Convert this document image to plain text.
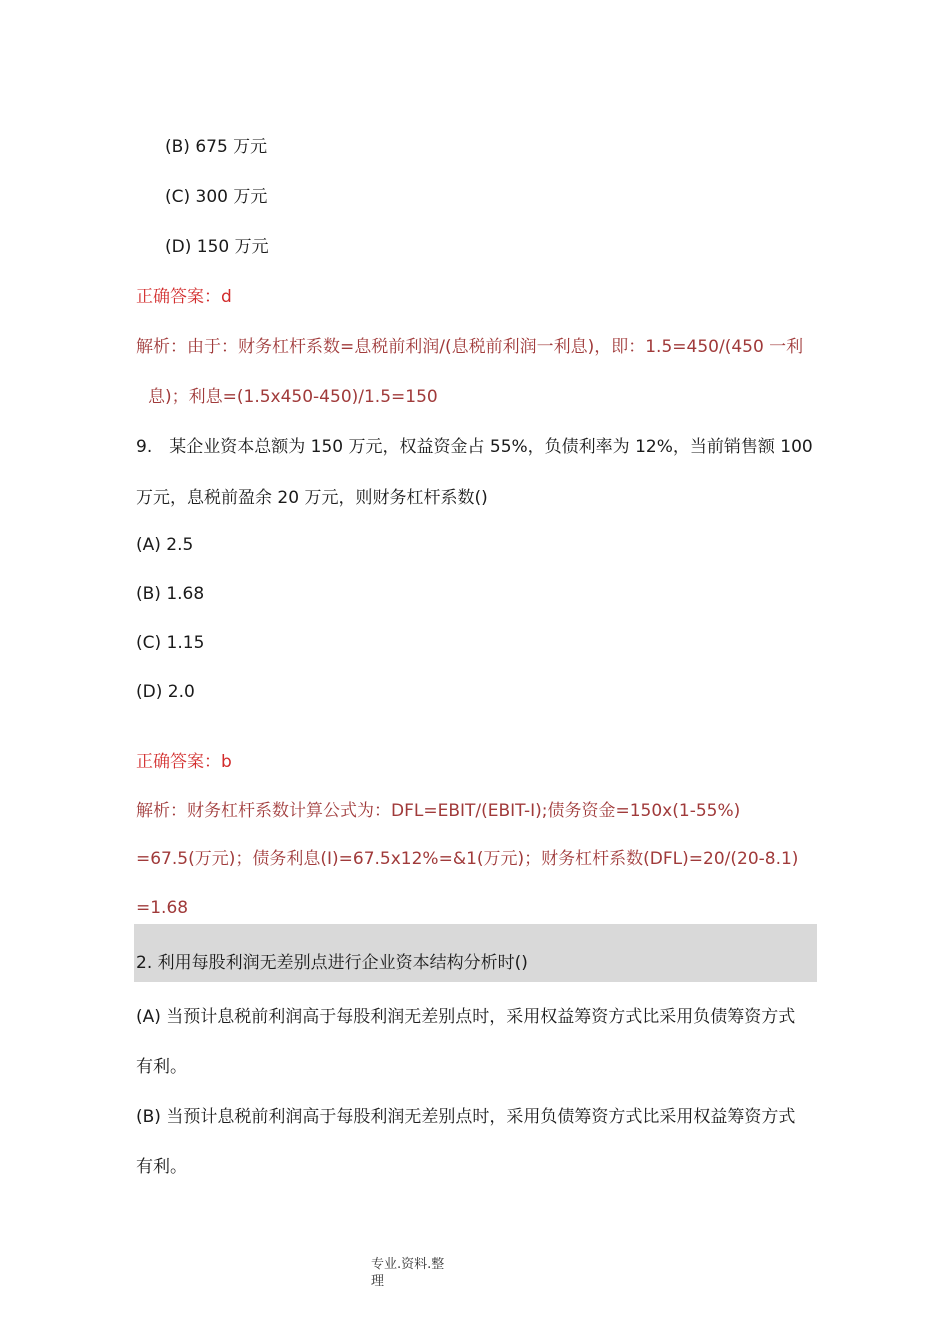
(B) 675 万元
(C) 300 万元
(D) 150 万元
正确答案：d
解析：由于：财务杠杆系数=息税前利润/(息税前利润一利息)，即：1.5=450/(450 一利
息)；利息=(1.5x450-450)/1.5=150
9.　某企业资本总额为 150 万元，权益资金占 55%，负债利率为 12%，当前销售额 100
万元，息税前盈余 20 万元，则财务杠杆系数()
(A) 2.5
(B) 1.68
(C) 1.15
(D) 2.0
正确答案：b
解析：财务杠杆系数计算公式为：DFL=EBIT/(EBIT-I);债务资金=150x(1-55%)
=67.5(万元)；债务利息(I)=67.5x12%=&1(万元)；财务杠杆系数(DFL)=20/(20-8.1)
=1.68
2. 利用每股利润无差别点进行企业资本结构分析时()
(A) 当预计息税前利润高于每股利润无差别点时，采用权益筹资方式比采用负债筹资方式
有利。
(B) 当预计息税前利润高于每股利润无差别点时，采用负债筹资方式比采用权益筹资方式
有利。
专业.资料.整
理
